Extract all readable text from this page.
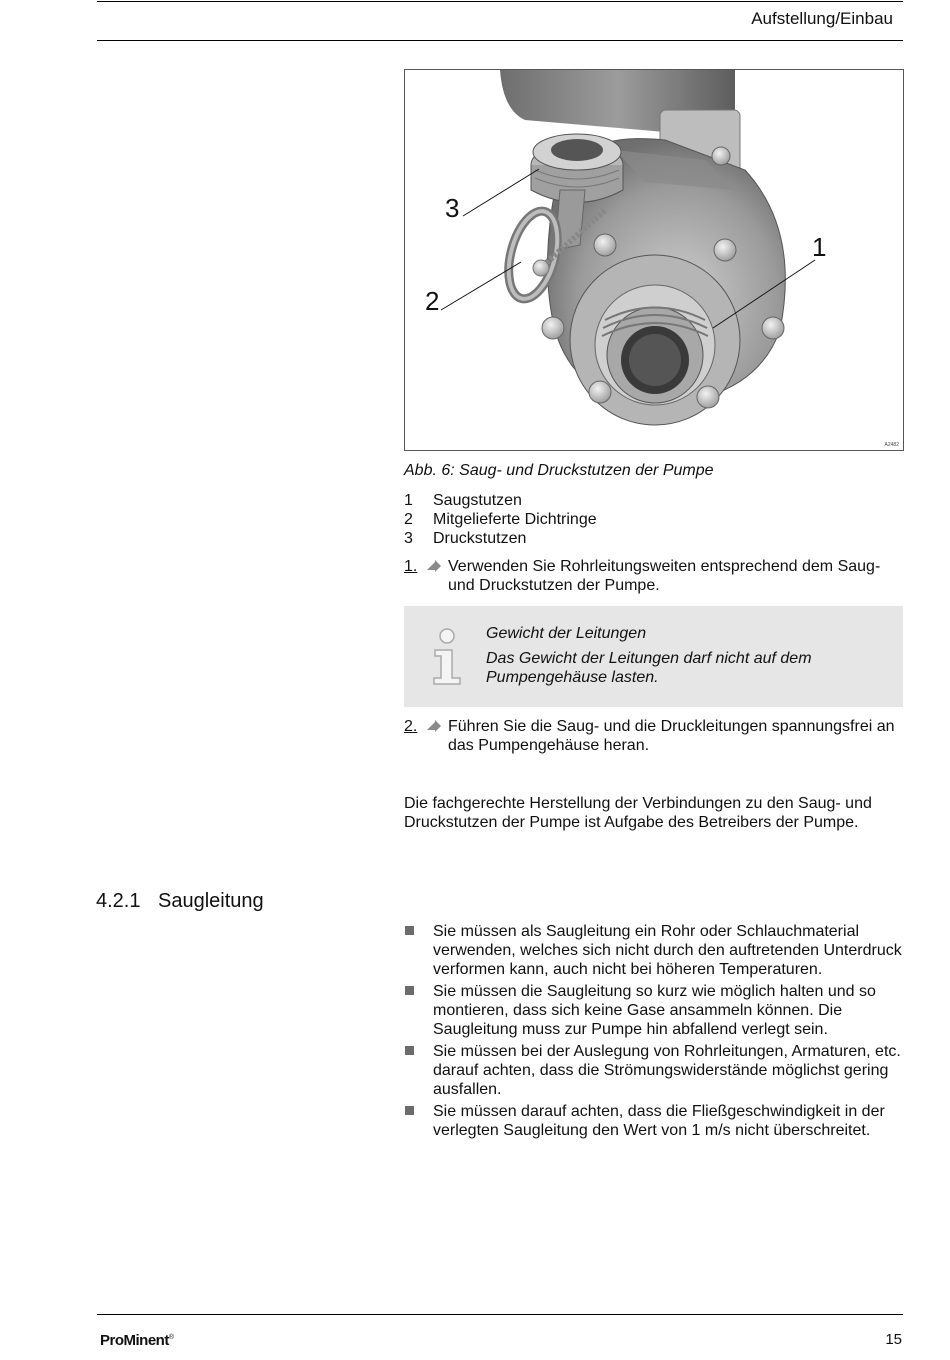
Aufstellung/Einbau
1
2
3
A2482
Abb. 6: Saug- und Druckstutzen der Pumpe
1 Saugstutzen
2 Mitgelieferte Dichtringe
3 Druckstutzen
1. Verwenden Sie Rohrleitungsweiten entsprechend dem Saug- und Druckstutzen der Pumpe.
Gewicht der Leitungen
Das Gewicht der Leitungen darf nicht auf dem Pumpengehäuse lasten.
2. Führen Sie die Saug- und die Druckleitungen spannungsfrei an das Pumpengehäuse heran.
Die fachgerechte Herstellung der Verbindungen zu den Saug- und Druckstutzen der Pumpe ist Aufgabe des Betreibers der Pumpe.
4.2.1 Saugleitung
Sie müssen als Saugleitung ein Rohr oder Schlauchmaterial verwenden, welches sich nicht durch den auftretenden Unterdruck verformen kann, auch nicht bei höheren Temperaturen.
Sie müssen die Saugleitung so kurz wie möglich halten und so montieren, dass sich keine Gase ansammeln können. Die Saugleitung muss zur Pumpe hin abfallend verlegt sein.
Sie müssen bei der Auslegung von Rohrleitungen, Armaturen, etc. darauf achten, dass die Strömungswiderstände möglichst gering ausfallen.
Sie müssen darauf achten, dass die Fließgeschwindigkeit in der verlegten Saugleitung den Wert von 1 m/s nicht überschreitet.
ProMinent®	15
